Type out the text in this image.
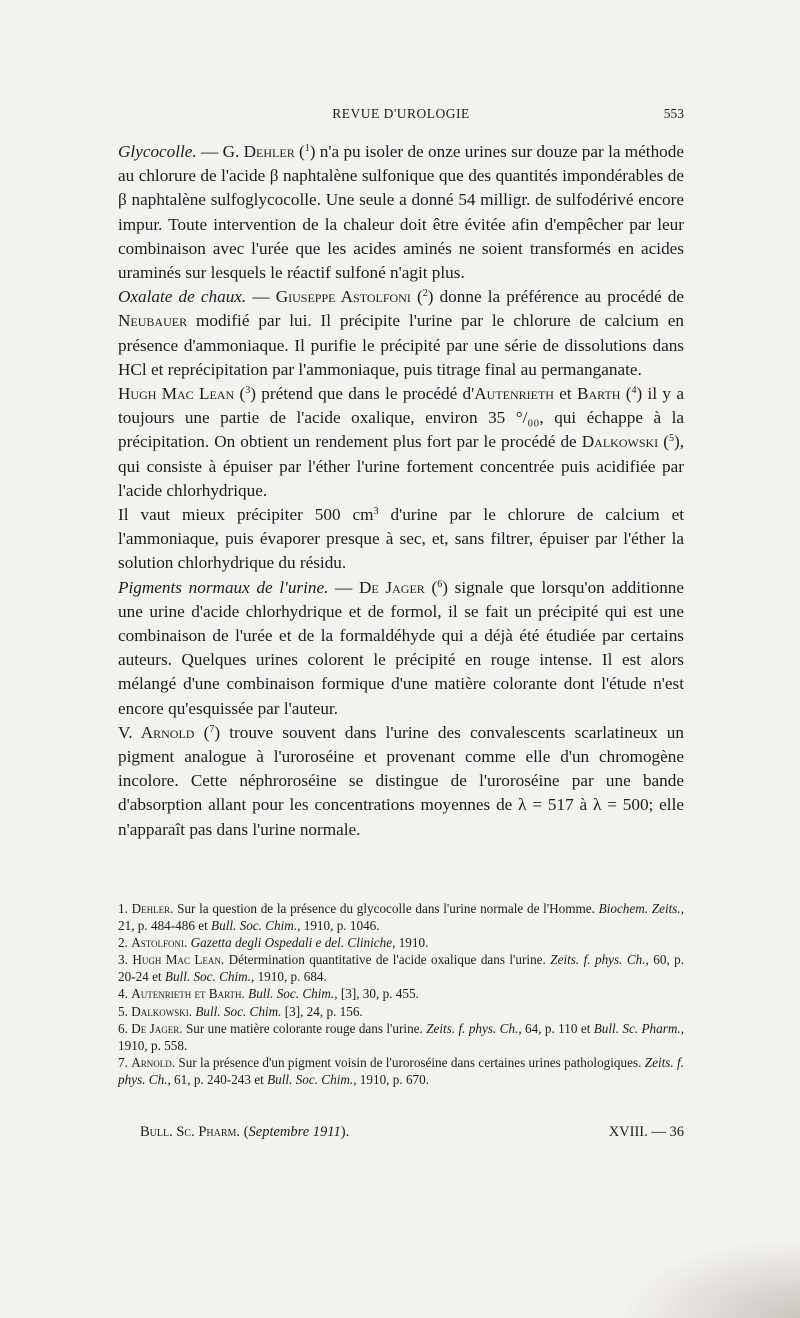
REVUE D'UROLOGIE	553

Glycocolle. — G. Dehler ($^1$) n'a pu isoler de onze urines sur douze par la méthode au chlorure de l'acide β naphtalène sulfonique que des quantités impondérables de β naphtalène sulfoglycocolle. Une seule a donné 54 milligr. de sulfodérivé encore impur. Toute intervention de la chaleur doit être évitée afin d'empêcher par leur combinaison avec l'urée que les acides aminés ne soient transformés en acides uraminés sur lesquels le réactif sulfoné n'agit plus.

Oxalate de chaux. — Giuseppe Astolfoni ($^2$) donne la préférence au procédé de Neubauer modifié par lui. Il précipite l'urine par le chlorure de calcium en présence d'ammoniaque. Il purifie le précipité par une série de dissolutions dans HCl et reprécipitation par l'ammoniaque, puis titrage final au permanganate.

Hugh Mac Lean ($^3$) prétend que dans le procédé d'Autenrieth et Barth ($^4$) il y a toujours une partie de l'acide oxalique, environ 35 °/₀₀, qui échappe à la précipitation. On obtient un rendement plus fort par le procédé de Dalkowski ($^5$), qui consiste à épuiser par l'éther l'urine fortement concentrée puis acidifiée par l'acide chlorhydrique.

Il vaut mieux précipiter 500 $cm^3$ d'urine par le chlorure de calcium et l'ammoniaque, puis évaporer presque à sec, et, sans filtrer, épuiser par l'éther la solution chlorhydrique du résidu.

Pigments normaux de l'urine. — De Jager ($^6$) signale que lorsqu'on additionne une urine d'acide chlorhydrique et de formol, il se fait un précipité qui est une combinaison de l'urée et de la formaldéhyde qui a déjà été étudiée par certains auteurs. Quelques urines colorent le précipité en rouge intense. Il est alors mélangé d'une combinaison formique d'une matière colorante dont l'étude n'est encore qu'esquissée par l'auteur.

V. Arnold ($^7$) trouve souvent dans l'urine des convalescents scarlatineux un pigment analogue à l'uroroséine et provenant comme elle d'un chromogène incolore. Cette néphroroséine se distingue de l'uroroséine par une bande d'absorption allant pour les concentrations moyennes de λ = 517 à λ = 500; elle n'apparaît pas dans l'urine normale.

1. Dehler. Sur la question de la présence du glycocolle dans l'urine normale de l'Homme. Biochem. Zeits., 21, p. 484-486 et Bull. Soc. Chim., 1910, p. 1046.

2. Astolfoni. Gazetta degli Ospedali e del. Cliniche, 1910.

3. Hugh Mac Lean. Détermination quantitative de l'acide oxalique dans l'urine. Zeits. f. phys. Ch., 60, p. 20-24 et Bull. Soc. Chim., 1910, p. 684.

4. Autenrieth et Barth. Bull. Soc. Chim., [3], 30, p. 455.

5. Dalkowski. Bull. Soc. Chim. [3], 24, p. 156.

6. De Jager. Sur une matière colorante rouge dans l'urine. Zeits. f. phys. Ch., 64, p. 110 et Bull. Sc. Pharm., 1910, p. 558.

7. Arnold. Sur la présence d'un pigment voisin de l'uroroséine dans certaines urines pathologiques. Zeits. f. phys. Ch., 61, p. 240-243 et Bull. Soc. Chim., 1910, p. 670.

Bull. Sc. Pharm. (Septembre 1911).	XVIII. — 36
